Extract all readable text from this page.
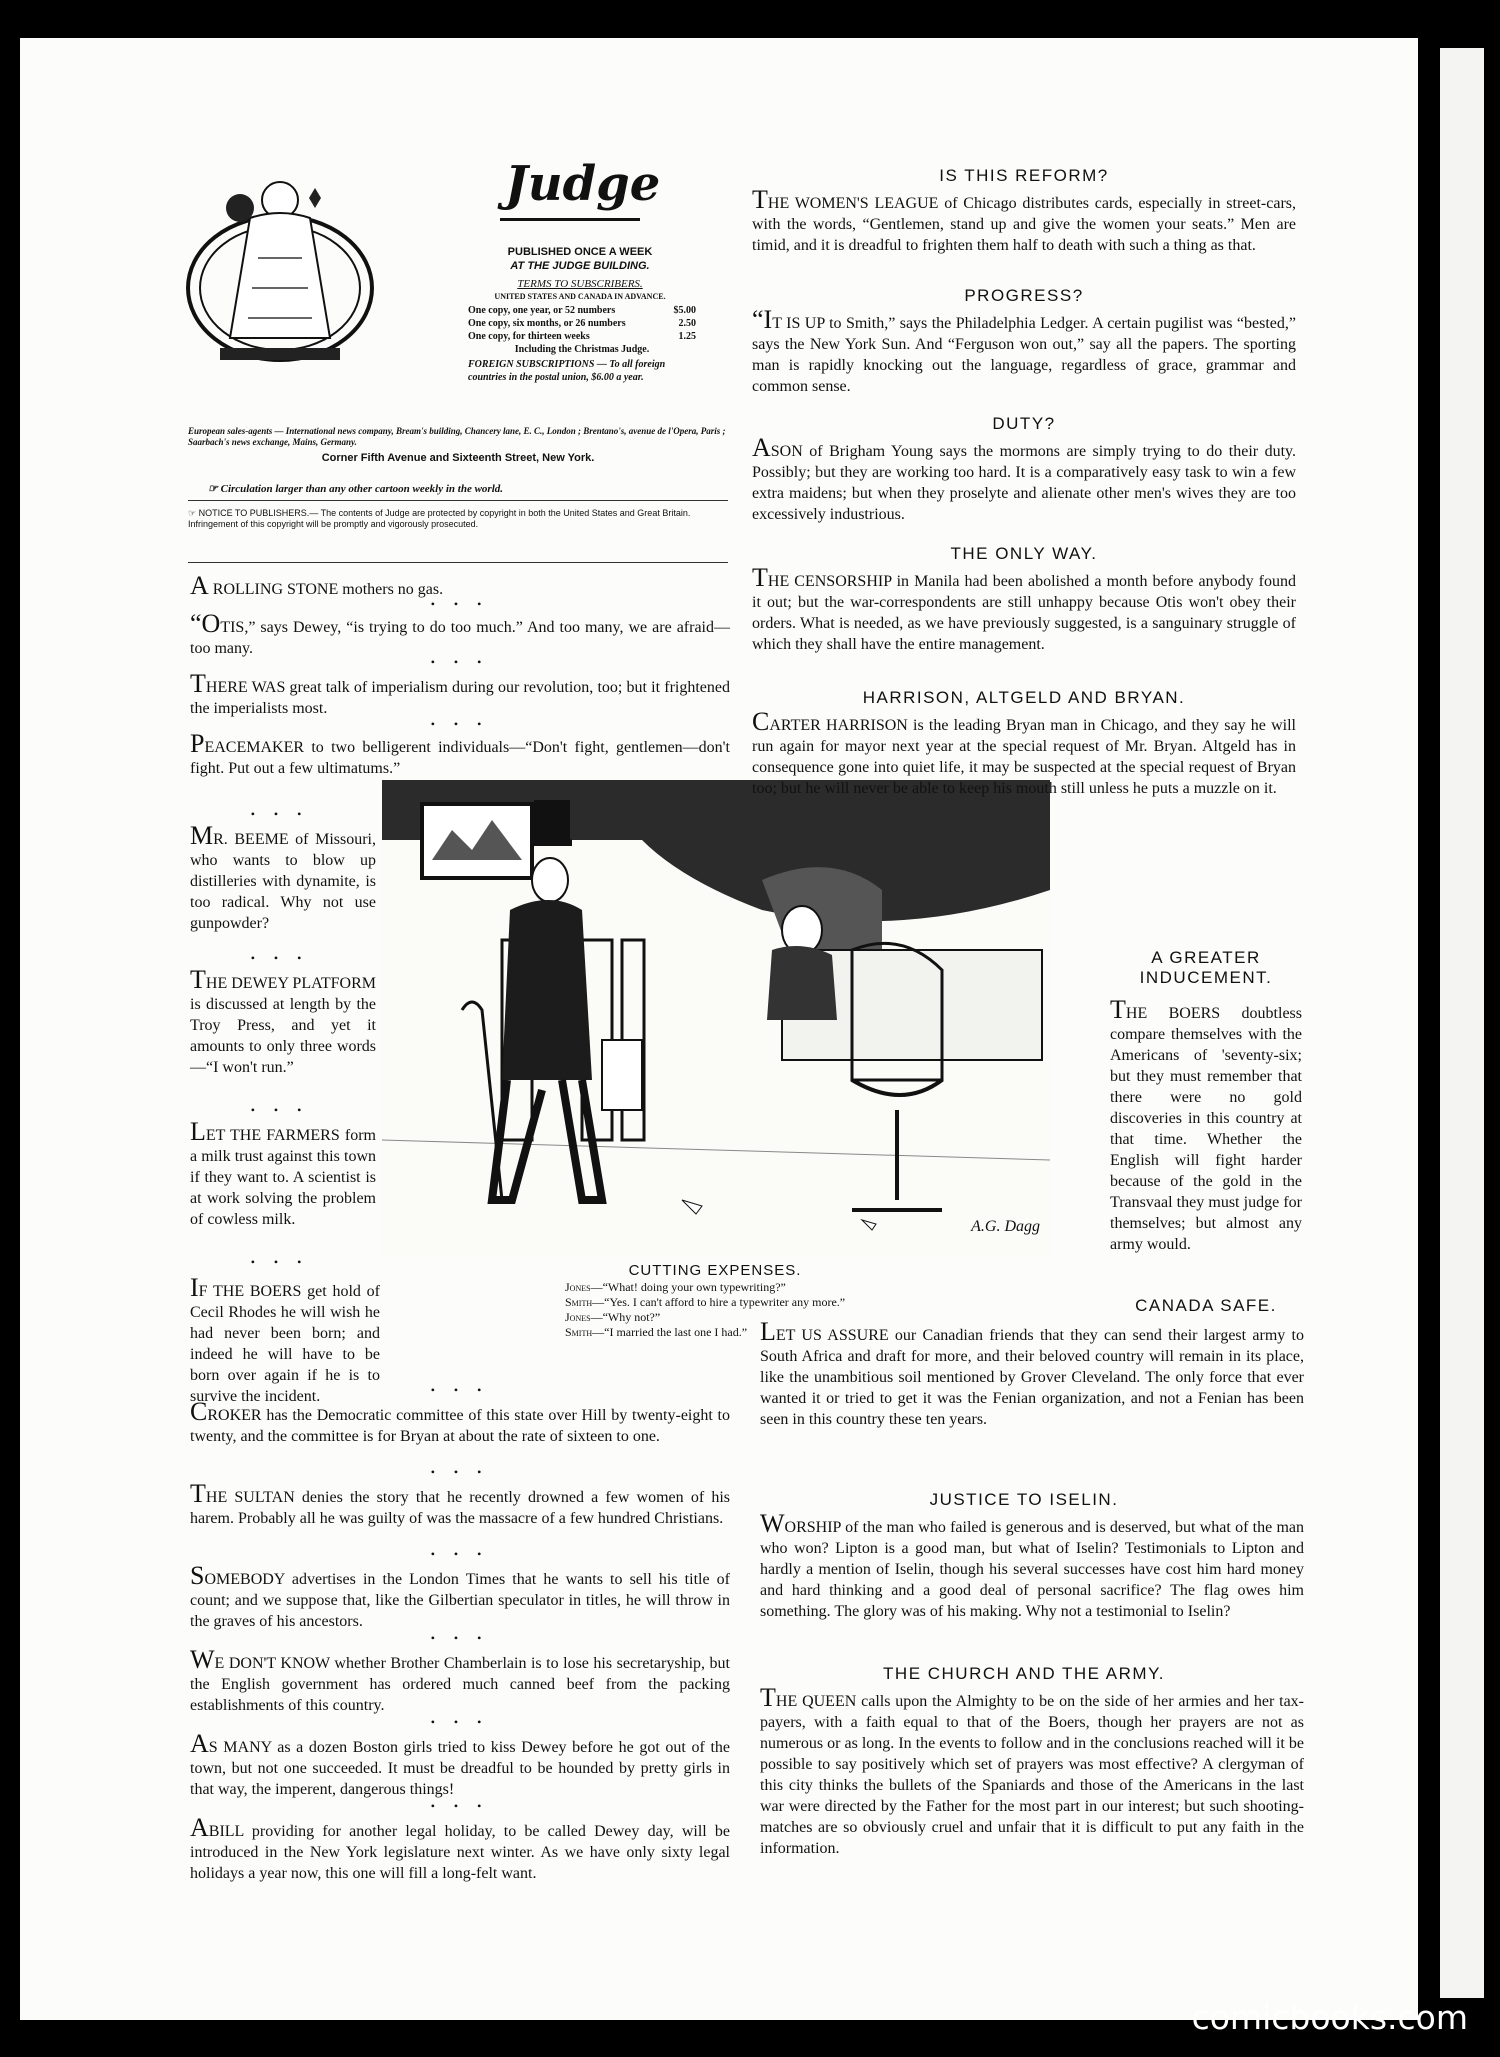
Judge
PUBLISHED ONCE A WEEK
AT THE JUDGE BUILDING.
TERMS TO SUBSCRIBERS.
UNITED STATES AND CANADA IN ADVANCE.
One copy, one year, or 52 numbers	$5.00
One copy, six months, or 26 numbers	2.50
One copy, for thirteen weeks	1.25
Including the Christmas Judge.
FOREIGN SUBSCRIPTIONS — To all foreign countries in the postal union, $6.00 a year.
European sales-agents — International news company, Bream's building, Chancery lane, E. C., London ; Brentano's, avenue de l'Opera, Paris ; Saarbach's news exchange, Mains, Germany.
Corner Fifth Avenue and Sixteenth Street, New York.
☞ Circulation larger than any other cartoon weekly in the world.
☞ NOTICE TO PUBLISHERS.— The contents of Judge are protected by copyright in both the United States and Great Britain. Infringement of this copyright will be promptly and vigorously prosecuted.
A ROLLING STONE mothers no gas.
• • •
“OTIS,” says Dewey, “is trying to do too much.” And too many, we are afraid—too many.
• • •
THERE WAS great talk of imperialism during our revolution, too; but it frightened the imperialists most.
• • •
PEACEMAKER to two belligerent individuals—“Don't fight, gentlemen—don't fight. Put out a few ultimatums.”
A.G. Dagg
CUTTING EXPENSES.
Jones—“What! doing your own typewriting?”
Smith—“Yes. I can't afford to hire a typewriter any more.”
Jones—“Why not?”
Smith—“I married the last one I had.”
• • •
MR. BEEME of Missouri, who wants to blow up distilleries with dynamite, is too radical. Why not use gunpowder?
• • •
THE DEWEY PLATFORM is discussed at length by the Troy Press, and yet it amounts to only three words—“I won't run.”
• • •
LET THE FARMERS form a milk trust against this town if they want to. A scientist is at work solving the problem of cowless milk.
• • •
IF THE BOERS get hold of Cecil Rhodes he will wish he had never been born; and indeed he will have to be born over again if he is to survive the incident.	• • •
CROKER has the Democratic committee of this state over Hill by twenty-eight to twenty, and the committee is for Bryan at about the rate of sixteen to one.
• • •
THE SULTAN denies the story that he recently drowned a few women of his harem. Probably all he was guilty of was the massacre of a few hundred Christians.
• • •
SOMEBODY advertises in the London Times that he wants to sell his title of count; and we suppose that, like the Gilbertian speculator in titles, he will throw in the graves of his ancestors.
• • •
WE DON'T KNOW whether Brother Chamberlain is to lose his secretaryship, but the English government has ordered much canned beef from the packing establishments of this country.
• • •
AS MANY as a dozen Boston girls tried to kiss Dewey before he got out of the town, but not one succeeded. It must be dreadful to be hounded by pretty girls in that way, the imperent, dangerous things!
• • •
ABILL providing for another legal holiday, to be called Dewey day, will be introduced in the New York legislature next winter. As we have only sixty legal holidays a year now, this one will fill a long-felt want.
IS THIS REFORM?
THE WOMEN'S LEAGUE of Chicago distributes cards, especially in street-cars, with the words, “Gentlemen, stand up and give the women your seats.” Men are timid, and it is dreadful to frighten them half to death with such a thing as that.
PROGRESS?
“IT IS UP to Smith,” says the Philadelphia Ledger. A certain pugilist was “bested,” says the New York Sun. And “Ferguson won out,” say all the papers. The sporting man is rapidly knocking out the language, regardless of grace, grammar and common sense.
DUTY?
ASON of Brigham Young says the mormons are simply trying to do their duty. Possibly; but they are working too hard. It is a comparatively easy task to win a few extra maidens; but when they proselyte and alienate other men's wives they are too excessively industrious.
THE ONLY WAY.
THE CENSORSHIP in Manila had been abolished a month before anybody found it out; but the war-correspondents are still unhappy because Otis won't obey their orders. What is needed, as we have previously suggested, is a sanguinary struggle of which they shall have the entire management.
HARRISON, ALTGELD AND BRYAN.
CARTER HARRISON is the leading Bryan man in Chicago, and they say he will run again for mayor next year at the special request of Mr. Bryan. Altgeld has in consequence gone into quiet life, it may be suspected at the special request of Bryan too; but he will never be able to keep his mouth still unless he puts a muzzle on it.
A GREATER INDUCEMENT.
THE BOERS doubtless compare themselves with the Americans of 'seventy-six; but they must remember that there were no gold discoveries in this country at that time. Whether the English will fight harder because of the gold in the Transvaal they must judge for themselves; but almost any army would.
CANADA SAFE.
LET US ASSURE our Canadian friends that they can send their largest army to South Africa and draft for more, and their beloved country will remain in its place, like the unambitious soil mentioned by Grover Cleveland. The only force that ever wanted it or tried to get it was the Fenian organization, and not a Fenian has been seen in this country these ten years.
JUSTICE TO ISELIN.
WORSHIP of the man who failed is generous and is deserved, but what of the man who won? Lipton is a good man, but what of Iselin? Testimonials to Lipton and hardly a mention of Iselin, though his several successes have cost him hard money and hard thinking and a good deal of personal sacrifice? The flag owes him something. The glory was of his making. Why not a testimonial to Iselin?
THE CHURCH AND THE ARMY.
THE QUEEN calls upon the Almighty to be on the side of her armies and her tax-payers, with a faith equal to that of the Boers, though her prayers are not as numerous or as long. In the events to follow and in the conclusions reached will it be possible to say positively which set of prayers was most effective? A clergyman of this city thinks the bullets of the Spaniards and those of the Americans in the last war were directed by the Father for the most part in our interest; but such shooting-matches are so obviously cruel and unfair that it is difficult to put any faith in the information.
comicbooks.com
